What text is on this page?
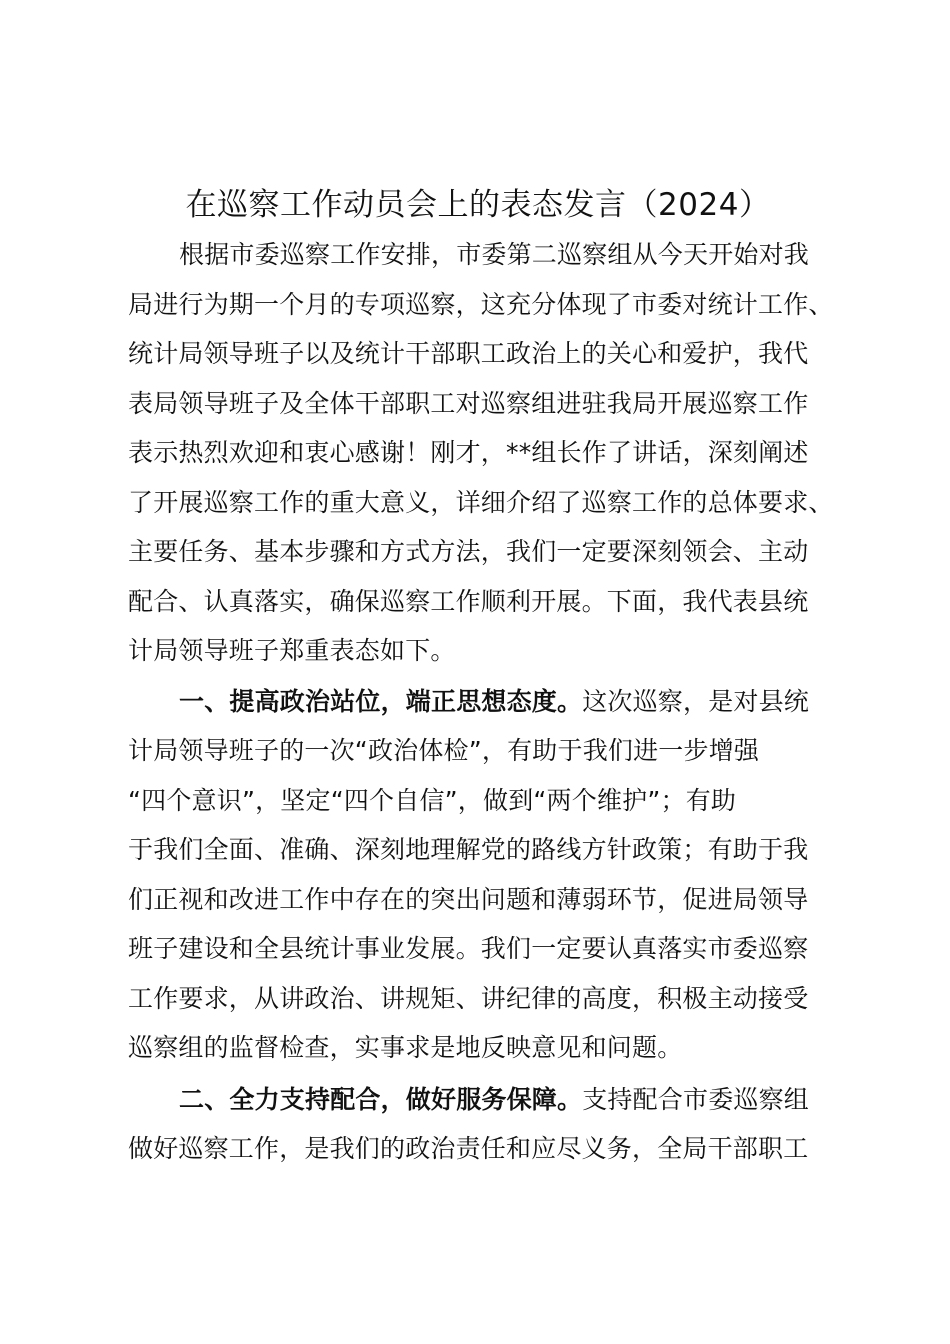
在巡察工作动员会上的表态发言（2024）
根据市委巡察工作安排，市委第二巡察组从今天开始对我
局进行为期一个月的专项巡察，这充分体现了市委对统计工作、
统计局领导班子以及统计干部职工政治上的关心和爱护，我代
表局领导班子及全体干部职工对巡察组进驻我局开展巡察工作
表示热烈欢迎和衷心感谢！刚才，**组长作了讲话，深刻阐述
了开展巡察工作的重大意义，详细介绍了巡察工作的总体要求、
主要任务、基本步骤和方式方法，我们一定要深刻领会、主动
配合、认真落实，确保巡察工作顺利开展。下面，我代表县统
计局领导班子郑重表态如下。
一、提高政治站位，端正思想态度。这次巡察，是对县统
计局领导班子的一次“政治体检”，有助于我们进一步增强
“四个意识”，坚定“四个自信”，做到“两个维护”；有助
于我们全面、准确、深刻地理解党的路线方针政策；有助于我
们正视和改进工作中存在的突出问题和薄弱环节，促进局领导
班子建设和全县统计事业发展。我们一定要认真落实市委巡察
工作要求，从讲政治、讲规矩、讲纪律的高度，积极主动接受
巡察组的监督检查，实事求是地反映意见和问题。
二、全力支持配合，做好服务保障。支持配合市委巡察组
做好巡察工作，是我们的政治责任和应尽义务，全局干部职工
